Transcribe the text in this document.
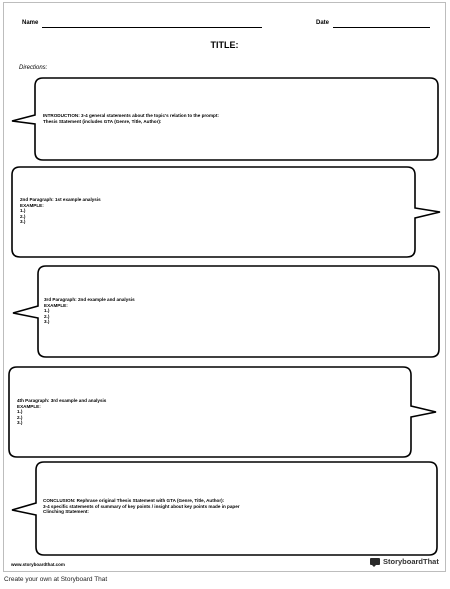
Name	Date
TITLE:
Directions:
INTRODUCTION: 3-4 general statements about the topic's relation to the prompt:
Thesis Statement (includes GTA (Genre, Title, Author):
2nd Paragraph: 1st example analysis
EXAMPLE:
1.)
2.)
3.)
3rd Paragraph: 2nd example and analysis
EXAMPLE:
1.)
2.)
3.)
4th Paragraph: 3rd example and analysis
EXAMPLE:
1.)
2.)
3.)
CONCLUSION: Rephrase original Thesis Statement with GTA (Genre, Title, Author):
3-4 specific statements of summary of key points / insight about key points made in paper
Clinching Statement:
www.storyboardthat.com	StoryboardThat
Create your own at Storyboard That
